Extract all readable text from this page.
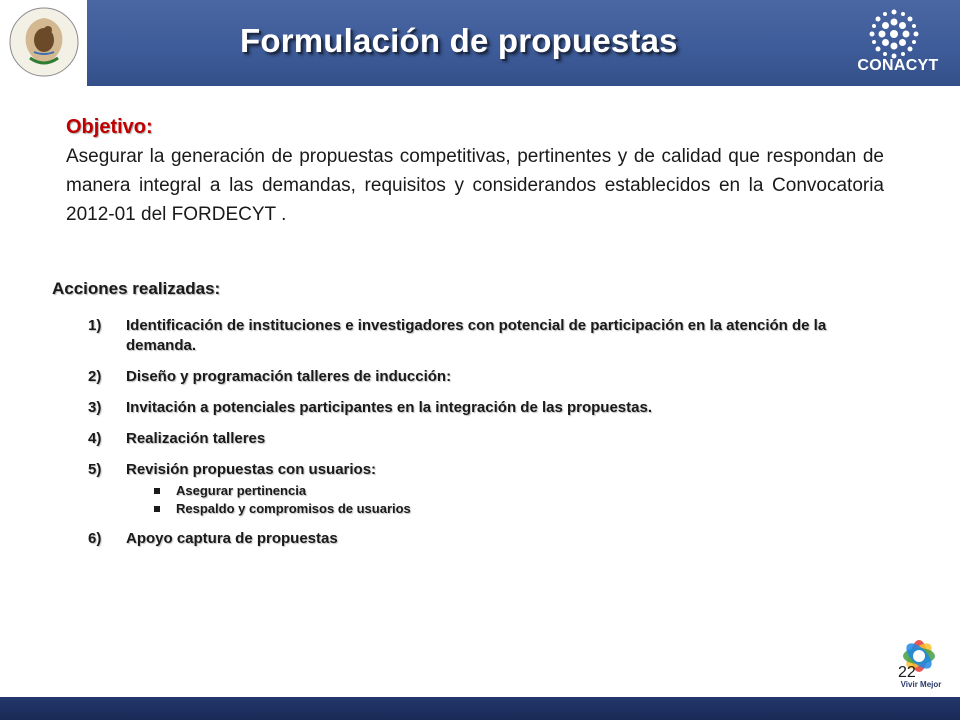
Formulación de propuestas
CONACYT
Objetivo:
Asegurar la generación de propuestas competitivas, pertinentes y de calidad que respondan de manera integral a las demandas, requisitos y considerandos establecidos en la Convocatoria 2012-01 del FORDECYT .
Acciones realizadas:
1)	Identificación de instituciones e investigadores con potencial de participación en la atención de la demanda.
2)	Diseño y programación talleres de inducción:
3)	Invitación a potenciales participantes en la integración de las propuestas.
4)	Realización talleres
5)	Revisión propuestas con usuarios:
Asegurar pertinencia
Respaldo y compromisos de usuarios
6)	Apoyo captura de propuestas
22
Vivir Mejor
